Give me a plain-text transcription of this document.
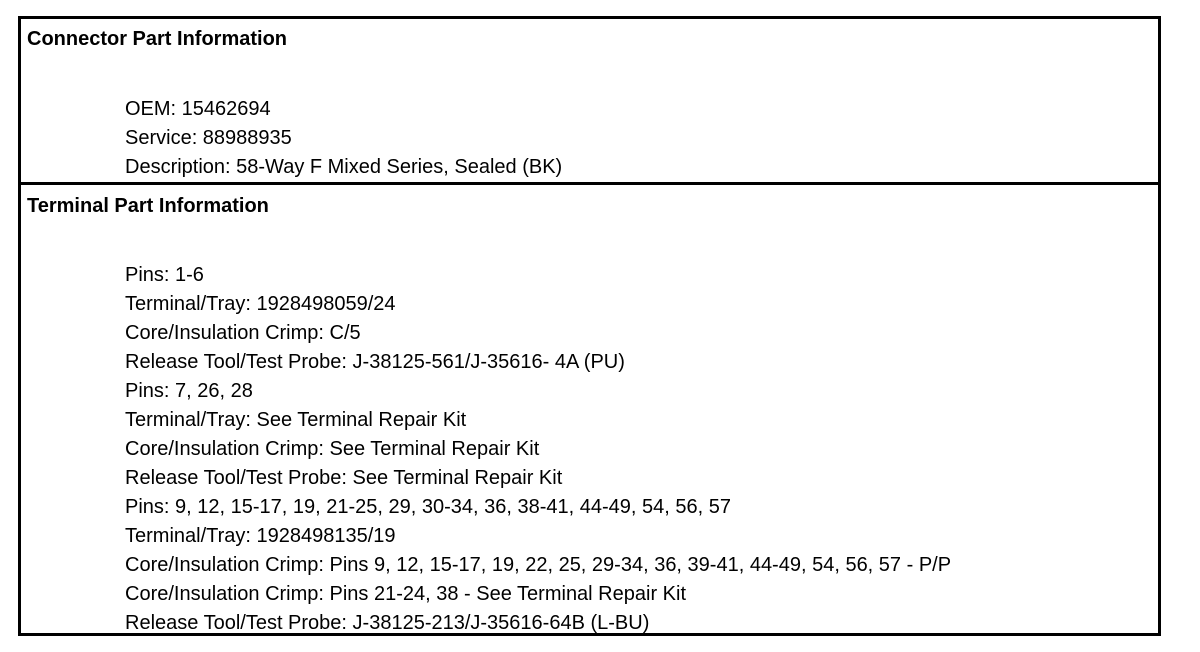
Connector Part Information
OEM: 15462694
Service: 88988935
Description: 58-Way F Mixed Series, Sealed (BK)
Terminal Part Information
Pins: 1-6
Terminal/Tray: 1928498059/24
Core/Insulation Crimp: C/5
Release Tool/Test Probe: J-38125-561/J-35616- 4A (PU)
Pins: 7, 26, 28
Terminal/Tray: See Terminal Repair Kit
Core/Insulation Crimp: See Terminal Repair Kit
Release Tool/Test Probe: See Terminal Repair Kit
Pins: 9, 12, 15-17, 19, 21-25, 29, 30-34, 36, 38-41, 44-49, 54, 56, 57
Terminal/Tray: 1928498135/19
Core/Insulation Crimp: Pins 9, 12, 15-17, 19, 22, 25, 29-34, 36, 39-41, 44-49, 54, 56, 57 - P/P
Core/Insulation Crimp: Pins 21-24, 38 - See Terminal Repair Kit
Release Tool/Test Probe: J-38125-213/J-35616-64B (L-BU)
